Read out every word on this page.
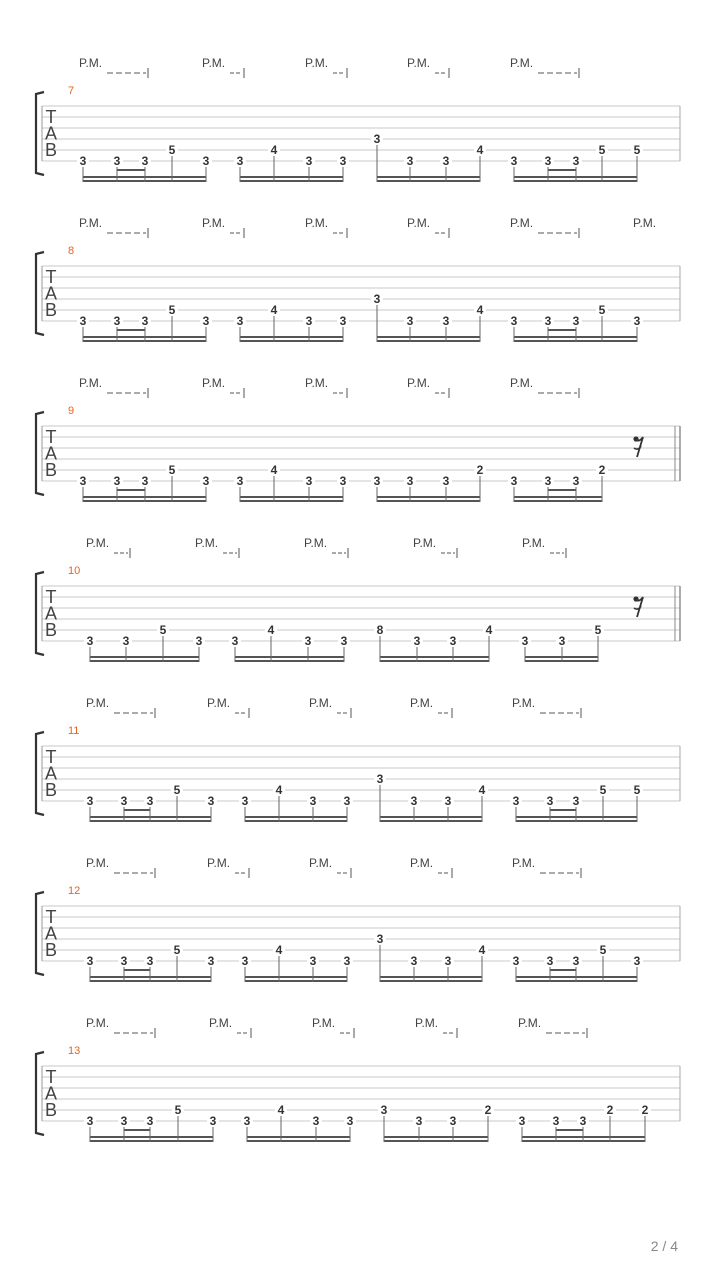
P.M.	P.M.	P.M.	P.M.	P.M.
7
T
A
B
3 3 3
5
3 3
4
3 3
3
3 3
4
3 3 3
5 5
P.M.	P.M.	P.M.	P.M.	P.M.	P.M.
8
T
A
B
3 3 3
5
3 3
4
3 3
3
3 3
4
3 3 3
5
3
P.M.	P.M.	P.M.	P.M.	P.M.
9
T
A
B
3 3 3
5
3 3
4
3 3 3 3 3
2
3 3 3
2
P.M.	P.M.	P.M.	P.M.	P.M.
10
T
A
B
3 3
5
3 3
4
3 3
8
3 3
4
3	3
5
P.M.	P.M.	P.M.	P.M.	P.M.
11
T
A
B
3 3 3
5
3 3
4
3 3
3
3 3
4
3 3 3
5 5
P.M.	P.M.	P.M.	P.M.	P.M.
12
T
A
B
3 3 3
5
3 3
4
3 3
3
3 3
4
3 3 3
5
3
P.M.	P.M.	P.M.	P.M.	P.M.
13
T
A
B
3 3 3
5
3 3
4
3 3
3
3 3
2
3 3 3
2 2
2 / 4
